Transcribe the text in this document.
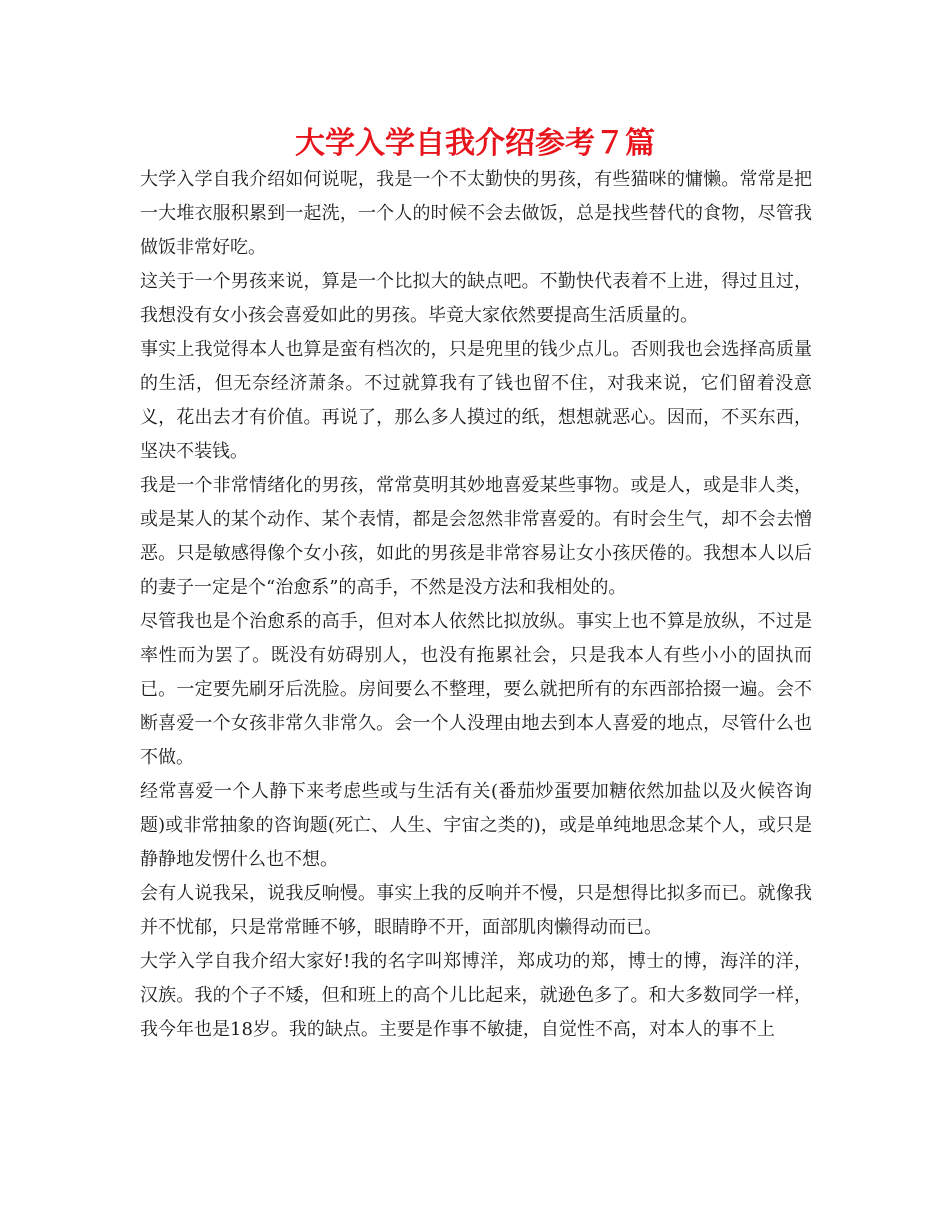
大学入学自我介绍参考７篇

大学入学自我介绍如何说呢，我是一个不太勤快的男孩，有些猫咪的慵懒。常常是把一大堆衣服积累到一起洗，一个人的时候不会去做饭，总是找些替代的食物，尽管我做饭非常好吃。

这关于一个男孩来说，算是一个比拟大的缺点吧。不勤快代表着不上进，得过且过，我想没有女小孩会喜爱如此的男孩。毕竟大家依然要提高生活质量的。

事实上我觉得本人也算是蛮有档次的，只是兜里的钱少点儿。否则我也会选择高质量的生活，但无奈经济萧条。不过就算我有了钱也留不住，对我来说，它们留着没意义，花出去才有价值。再说了，那么多人摸过的纸，想想就恶心。因而，不买东西，坚决不装钱。

我是一个非常情绪化的男孩，常常莫明其妙地喜爱某些事物。或是人，或是非人类，或是某人的某个动作、某个表情，都是会忽然非常喜爱的。有时会生气，却不会去憎恶。只是敏感得像个女小孩，如此的男孩是非常容易让女小孩厌倦的。我想本人以后的妻子一定是个“治愈系”的高手，不然是没方法和我相处的。

尽管我也是个治愈系的高手，但对本人依然比拟放纵。事实上也不算是放纵，不过是率性而为罢了。既没有妨碍别人，也没有拖累社会，只是我本人有些小小的固执而已。一定要先刷牙后洗脸。房间要么不整理，要么就把所有的东西部拾掇一遍。会不断喜爱一个女孩非常久非常久。会一个人没理由地去到本人喜爱的地点，尽管什么也不做。

经常喜爱一个人静下来考虑些或与生活有关(番茄炒蛋要加糖依然加盐以及火候咨询题)或非常抽象的咨询题(死亡、人生、宇宙之类的)，或是单纯地思念某个人，或只是静静地发愣什么也不想。

会有人说我呆，说我反响慢。事实上我的反响并不慢，只是想得比拟多而已。就像我并不忧郁，只是常常睡不够，眼睛睁不开，面部肌肉懒得动而已。

大学入学自我介绍大家好!我的名字叫郑博洋，郑成功的郑，博士的博，海洋的洋，汉族。我的个子不矮，但和班上的高个儿比起来，就逊色多了。和大多数同学一样，我今年也是18岁。我的缺点。主要是作事不敏捷，自觉性不高，对本人的事不上
